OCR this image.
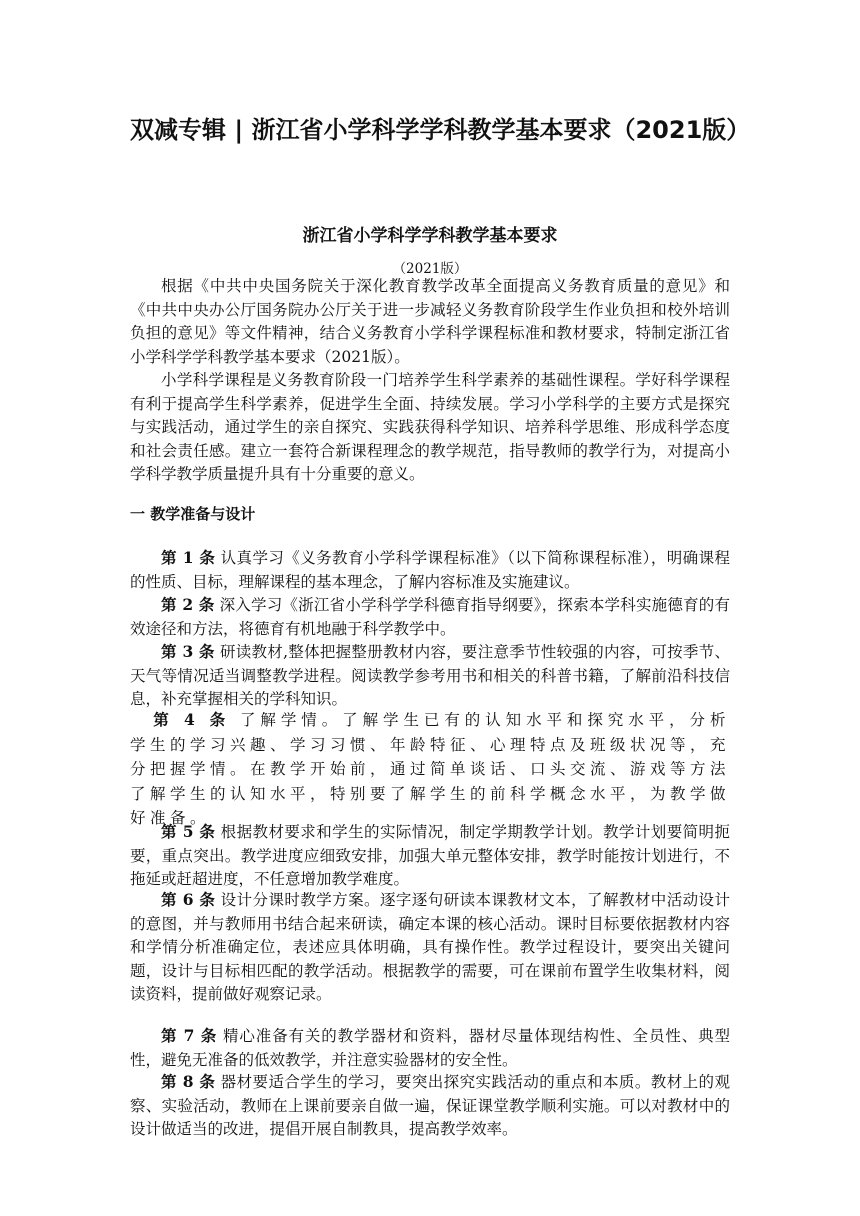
双减专辑 | 浙江省小学科学学科教学基本要求（2021版）
浙江省小学科学学科教学基本要求

（2021版）

根据《中共中央国务院关于深化教育教学改革全面提高义务教育质量的意见》和《中共中央办公厅国务院办公厅关于进一步减轻义务教育阶段学生作业负担和校外培训负担的意见》等文件精神，结合义务教育小学科学课程标准和教材要求，特制定浙江省小学科学学科教学基本要求（2021版）。

小学科学课程是义务教育阶段一门培养学生科学素养的基础性课程。学好科学课程有利于提高学生科学素养，促进学生全面、持续发展。学习小学科学的主要方式是探究与实践活动，通过学生的亲自探究、实践获得科学知识、培养科学思维、形成科学态度和社会责任感。建立一套符合新课程理念的教学规范，指导教师的教学行为，对提高小学科学教学质量提升具有十分重要的意义。

一 教学准备与设计

第 1 条 认真学习《义务教育小学科学课程标准》（以下简称课程标准），明确课程的性质、目标，理解课程的基本理念，了解内容标准及实施建议。

第 2 条 深入学习《浙江省小学科学学科德育指导纲要》，探索本学科实施德育的有效途径和方法，将德育有机地融于科学教学中。

第 3 条 研读教材,整体把握整册教材内容，要注意季节性较强的内容，可按季节、天气等情况适当调整教学进程。阅读教学参考用书和相关的科普书籍，了解前沿科技信息，补充掌握相关的学科知识。

第 4 条 了解学情。了解学生已有的认知水平和探究水平，分析学生的学习兴趣、学习习惯、年龄特征、心理特点及班级状况等，充分把握学情。在教学开始前，通过简单谈话、口头交流、游戏等方法了解学生的认知水平，特别要了解学生的前科学概念水平，为教学做好准备。

第 5 条 根据教材要求和学生的实际情况，制定学期教学计划。教学计划要简明扼要，重点突出。教学进度应细致安排，加强大单元整体安排，教学时能按计划进行，不拖延或赶超进度，不任意增加教学难度。

第 6 条 设计分课时教学方案。逐字逐句研读本课教材文本，了解教材中活动设计的意图，并与教师用书结合起来研读，确定本课的核心活动。课时目标要依据教材内容和学情分析准确定位，表述应具体明确，具有操作性。教学过程设计，要突出关键问题，设计与目标相匹配的教学活动。根据教学的需要，可在课前布置学生收集材料，阅读资料，提前做好观察记录。

第 7 条 精心准备有关的教学器材和资料，器材尽量体现结构性、全员性、典型性，避免无准备的低效教学，并注意实验器材的安全性。

第 8 条 器材要适合学生的学习，要突出探究实践活动的重点和本质。教材上的观察、实验活动，教师在上课前要亲自做一遍，保证课堂教学顺利实施。可以对教材中的设计做适当的改进，提倡开展自制教具，提高教学效率。
